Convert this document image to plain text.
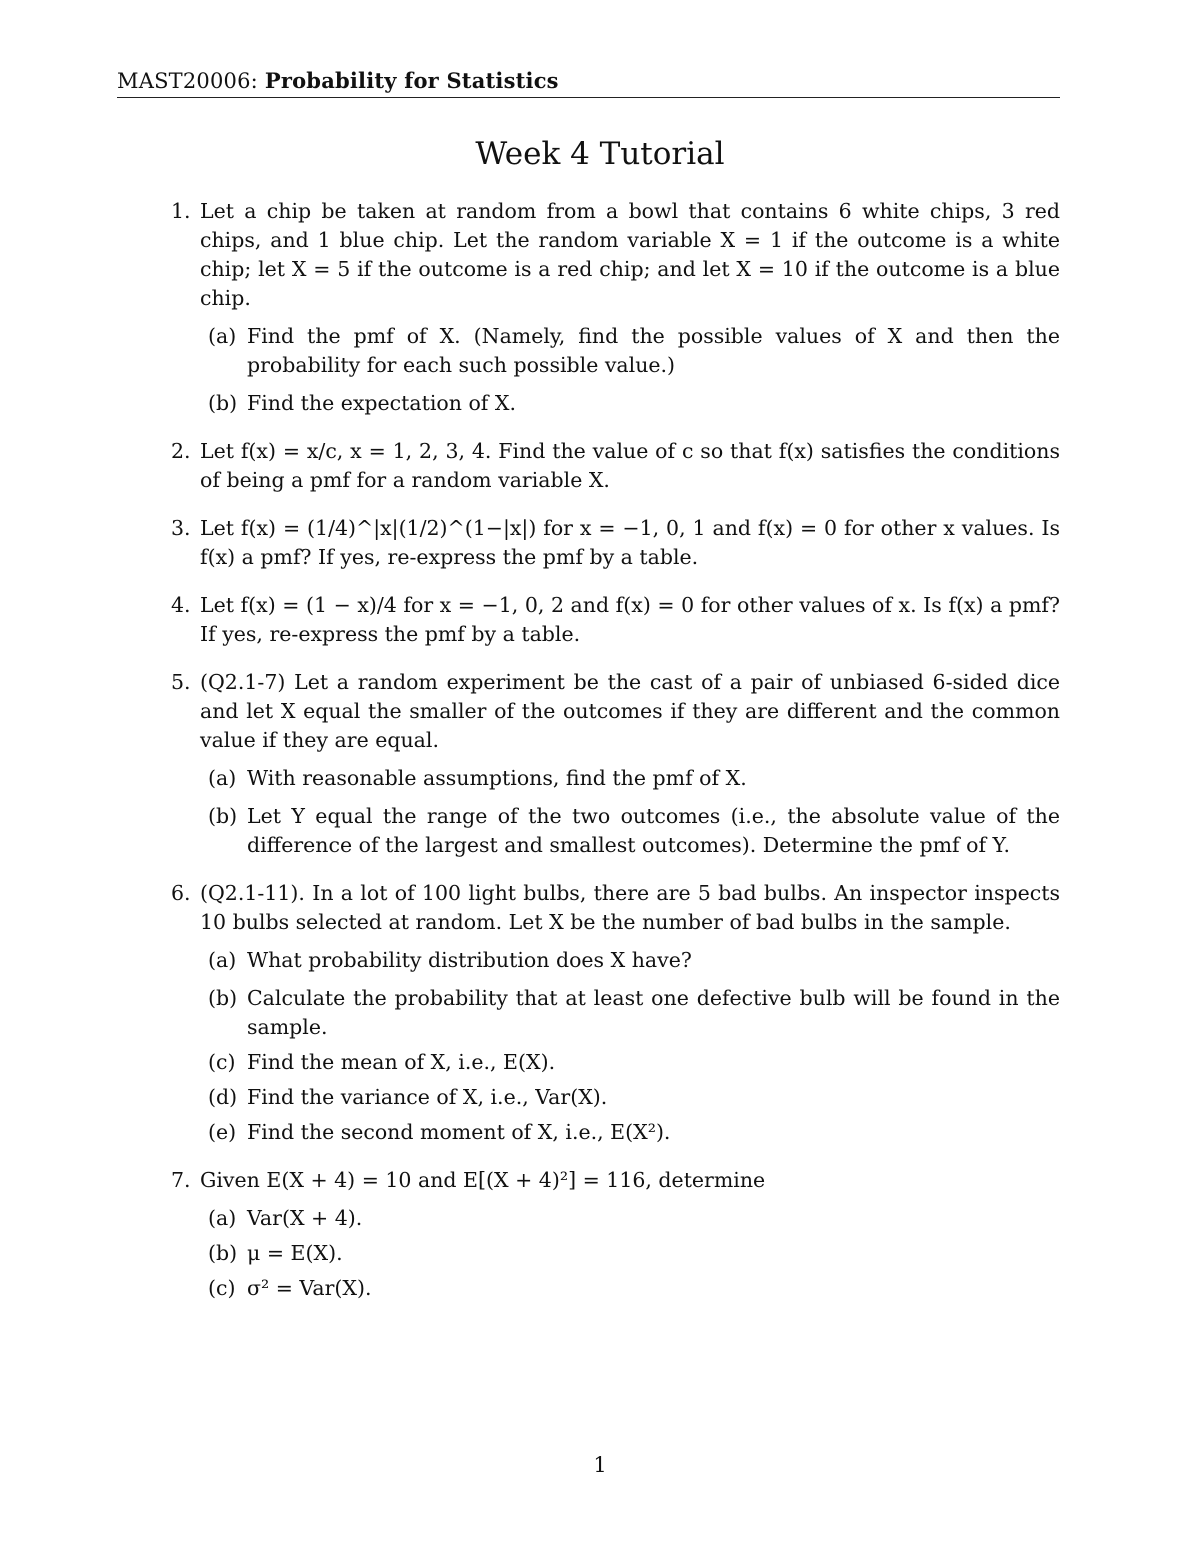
MAST20006: Probability for Statistics
Week 4 Tutorial
1. Let a chip be taken at random from a bowl that contains 6 white chips, 3 red chips, and 1 blue chip. Let the random variable X = 1 if the outcome is a white chip; let X = 5 if the outcome is a red chip; and let X = 10 if the outcome is a blue chip.
(a) Find the pmf of X. (Namely, find the possible values of X and then the probability for each such possible value.)
(b) Find the expectation of X.
2. Let f(x) = x/c, x = 1, 2, 3, 4. Find the value of c so that f(x) satisfies the conditions of being a pmf for a random variable X.
3. Let f(x) = (1/4)^|x|(1/2)^(1−|x|) for x = −1, 0, 1 and f(x) = 0 for other x values. Is f(x) a pmf? If yes, re-express the pmf by a table.
4. Let f(x) = (1 − x)/4 for x = −1, 0, 2 and f(x) = 0 for other values of x. Is f(x) a pmf? If yes, re-express the pmf by a table.
5. (Q2.1-7) Let a random experiment be the cast of a pair of unbiased 6-sided dice and let X equal the smaller of the outcomes if they are different and the common value if they are equal.
(a) With reasonable assumptions, find the pmf of X.
(b) Let Y equal the range of the two outcomes (i.e., the absolute value of the difference of the largest and smallest outcomes). Determine the pmf of Y.
6. (Q2.1-11). In a lot of 100 light bulbs, there are 5 bad bulbs. An inspector inspects 10 bulbs selected at random. Let X be the number of bad bulbs in the sample.
(a) What probability distribution does X have?
(b) Calculate the probability that at least one defective bulb will be found in the sample.
(c) Find the mean of X, i.e., E(X).
(d) Find the variance of X, i.e., Var(X).
(e) Find the second moment of X, i.e., E(X²).
7. Given E(X + 4) = 10 and E[(X + 4)²] = 116, determine
(a) Var(X + 4).
(b) μ = E(X).
(c) σ² = Var(X).
1
